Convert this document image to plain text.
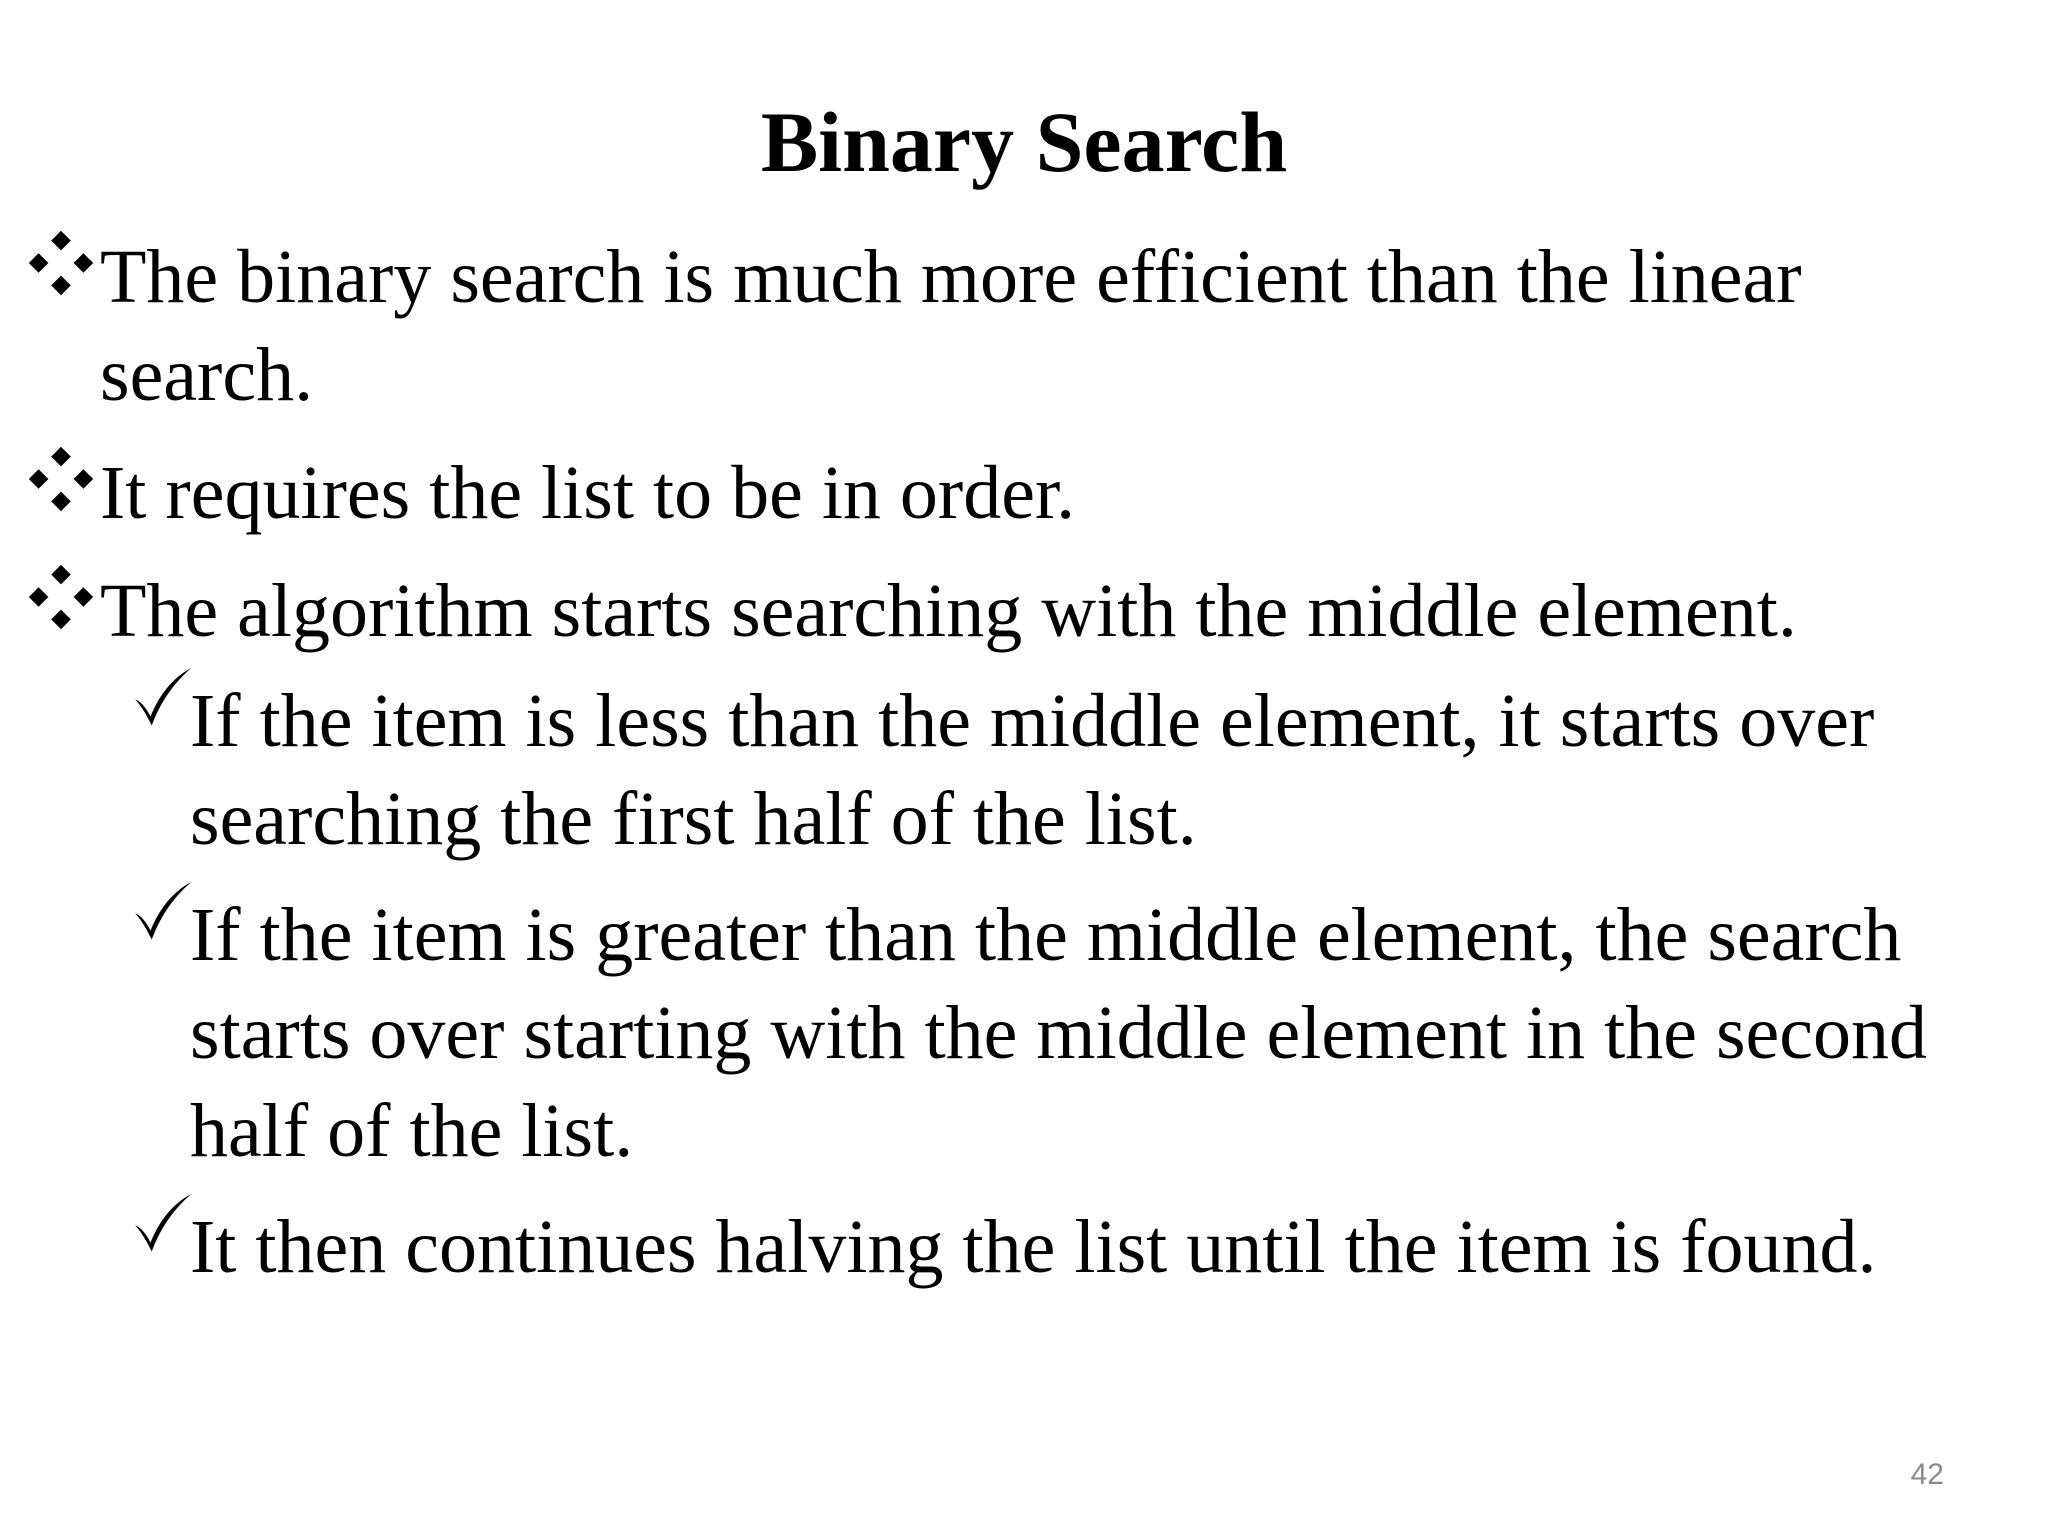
Binary Search
The binary search is much more efficient than the linear search.
It requires the list to be in order.
The algorithm starts searching with the middle element.
If the item is less than the middle element, it starts over searching the first half of the list.
If the item is greater than the middle element, the search starts over starting with the middle element in the second half of the list.
It then continues halving the list until the item is found.
42
